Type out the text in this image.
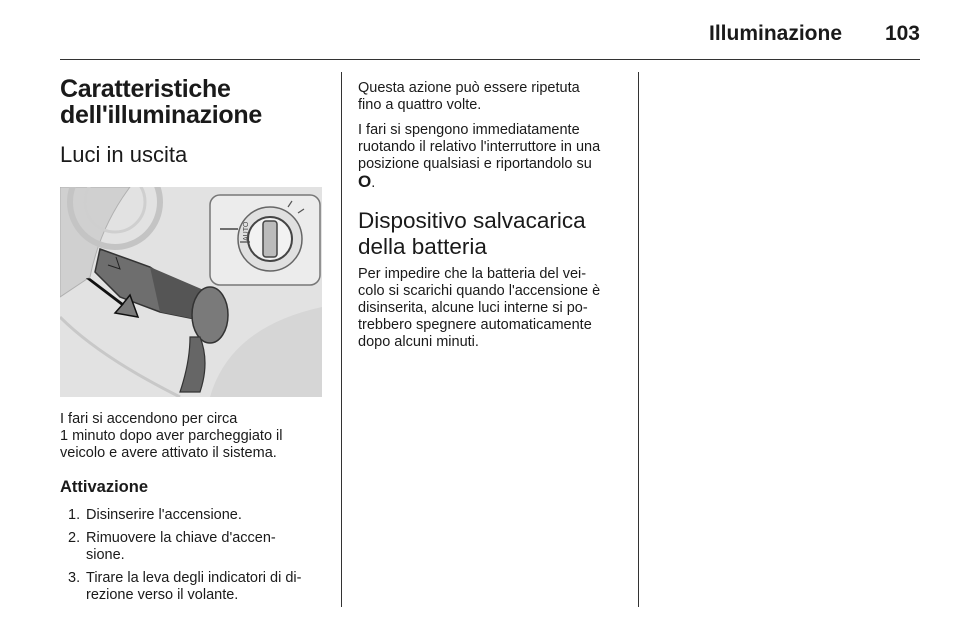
Illuminazione 103
Caratteristiche
dell'illuminazione
Luci in uscita
AUTO
I fari si accendono per circa
1 minuto dopo aver parcheggiato il
veicolo e avere attivato il sistema.
Attivazione
1. Disinserire l'accensione.
2. Rimuovere la chiave d'accen-
sione.
3. Tirare la leva degli indicatori di di-
rezione verso il volante.
Questa azione può essere ripetuta
fino a quattro volte.
I fari si spengono immediatamente
ruotando il relativo l'interruttore in una
posizione qualsiasi e riportandolo su
O.
Dispositivo salvacarica
della batteria
Per impedire che la batteria del vei-
colo si scarichi quando l'accensione è
disinserita, alcune luci interne si po-
trebbero spegnere automaticamente
dopo alcuni minuti.
